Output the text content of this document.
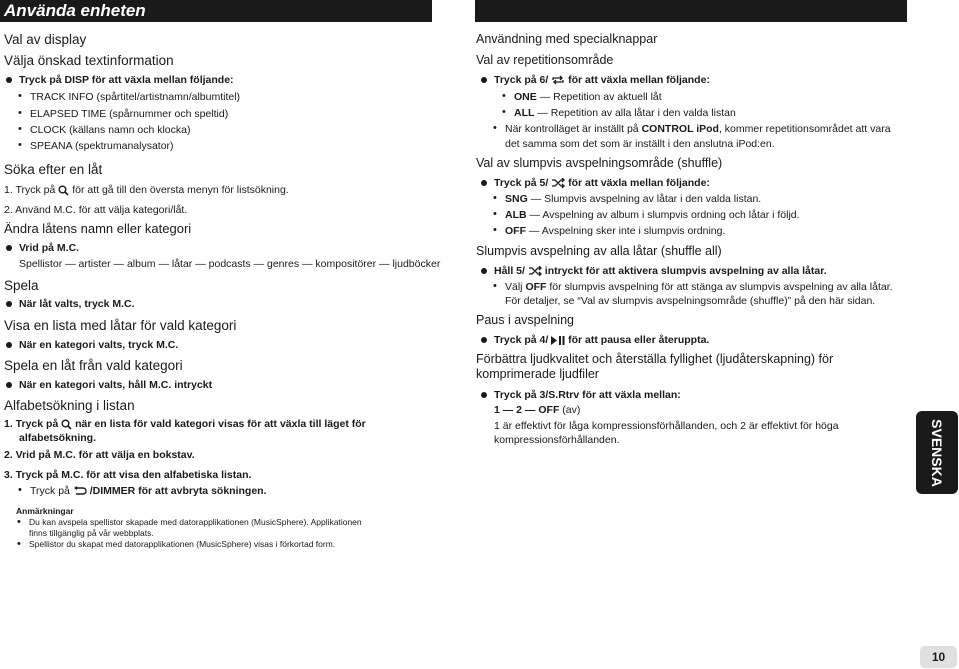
Använda enheten
Val av display
Välja önskad textinformation
Tryck på DISP för att växla mellan följande:
• TRACK INFO (spårtitel/artistnamn/albumtitel)
• ELAPSED TIME (spårnummer och speltid)
• CLOCK (källans namn och klocka)
• SPEANA (spektrumanalysator)
Söka efter en låt
1. Tryck på för att gå till den översta menyn för listsökning.
2. Använd M.C. för att välja kategori/låt.
Ändra låtens namn eller kategori
Vrid på M.C.
Spellistor — artister — album — låtar — podcasts — genres — kompositörer — ljudböcker
Spela
När låt valts, tryck M.C.
Visa en lista med låtar för vald kategori
När en kategori valts, tryck M.C.
Spela en låt från vald kategori
När en kategori valts, håll M.C. intryckt
Alfabetsökning i listan
1. Tryck på när en lista för vald kategori visas för att växla till läget för
alfabetsökning.
2. Vrid på M.C. för att välja en bokstav.
3. Tryck på M.C. för att visa den alfabetiska listan.
• Tryck på /DIMMER för att avbryta sökningen.
Anmärkningar
• Du kan avspela spellistor skapade med datorapplikationen (MusicSphere). Applikationen
finns tillgänglig på vår webbplats.
• Spellistor du skapat med datorapplikationen (MusicSphere) visas i förkortad form.
Användning med specialknappar
Val av repetitionsområde
Tryck på 6/ för att växla mellan följande:
• ONE — Repetition av aktuell låt
• ALL — Repetition av alla låtar i den valda listan
• När kontrolläget är inställt på CONTROL iPod, kommer repetitionsområdet att vara
det samma som det som är inställt i den anslutna iPod:en.
Val av slumpvis avspelningsområde (shuffle)
Tryck på 5/ för att växla mellan följande:
• SNG — Slumpvis avspelning av låtar i den valda listan.
• ALB — Avspelning av album i slumpvis ordning och låtar i följd.
• OFF — Avspelning sker inte i slumpvis ordning.
Slumpvis avspelning av alla låtar (shuffle all)
Håll 5/ intryckt för att aktivera slumpvis avspelning av alla låtar.
• Välj OFF för slumpvis avspelning för att stänga av slumpvis avspelning av alla låtar.
För detaljer, se “Val av slumpvis avspelningsområde (shuffle)” på den här sidan.
Paus i avspelning
Tryck på 4/ för att pausa eller återuppta.
Förbättra ljudkvalitet och återställa fyllighet (ljudåterskapning) för
komprimerade ljudfiler
Tryck på 3/S.Rtrv för att växla mellan:
1 — 2 — OFF (av)
1 är effektivt för låga kompressionsförhållanden, och 2 är effektivt för höga
kompressionsförhållanden.	SVENSKA
10
